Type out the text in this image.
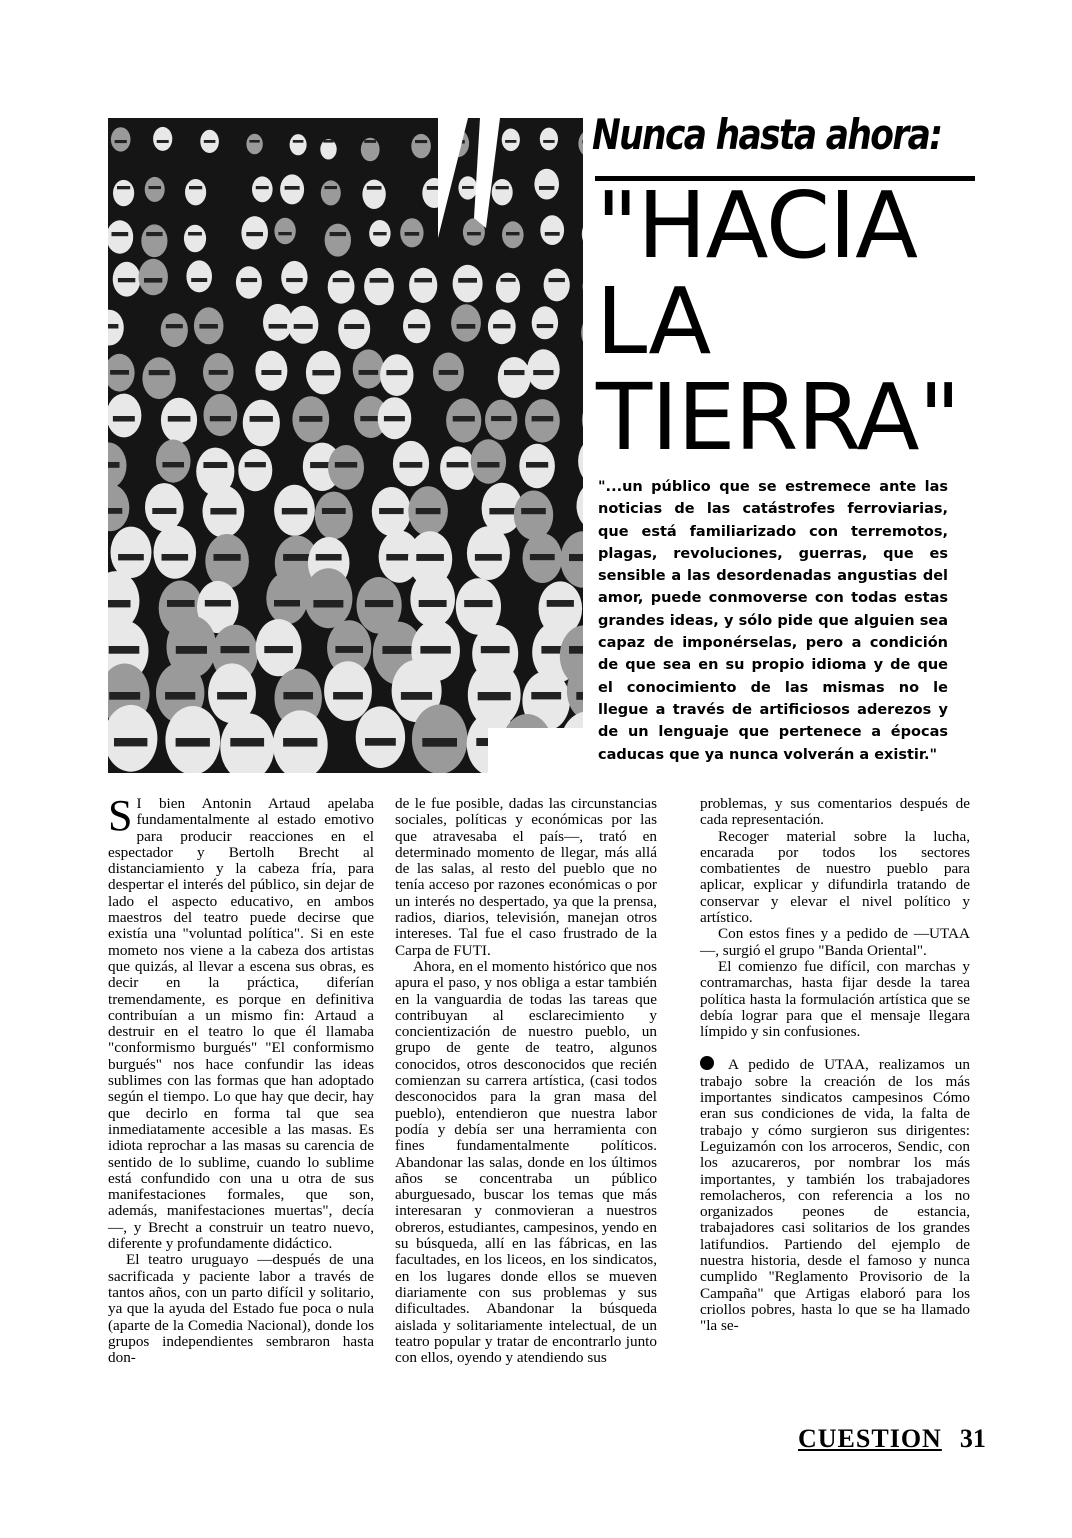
Nunca hasta ahora:
"HACIA
LA
TIERRA"
"...un público que se estremece ante las noticias de las catástrofes ferroviarias, que está familiarizado con terremotos, plagas, revoluciones, guerras, que es sensible a las desordenadas angustias del amor, puede conmoverse con todas estas grandes ideas, y sólo pide que alguien sea capaz de imponérselas, pero a condición de que sea en su propio idioma y de que el conocimiento de las mismas no le llegue a través de artificiosos aderezos y de un lenguaje que pertenece a épocas caducas que ya nunca volverán a existir."

S I bien Antonin Artaud apelaba fundamentalmente al estado emotivo para producir reacciones en el espectador y Bertolh Brecht al distanciamiento y la cabeza fría, para despertar el interés del público, sin dejar de lado el aspecto educativo, en ambos maestros del teatro puede decirse que existía una "voluntad política". Si en este mometo nos viene a la cabeza dos artistas que quizás, al llevar a escena sus obras, es decir en la práctica, diferían tremendamente, es porque en definitiva contribuían a un mismo fin: Artaud a destruir en el teatro lo que él llamaba "conformismo burgués" "El conformismo burgués" nos hace confundir las ideas sublimes con las formas que han adoptado según el tiempo. Lo que hay que decir, hay que decirlo en forma tal que sea inmediatamente accesible a las masas. Es idiota reprochar a las masas su carencia de sentido de lo sublime, cuando lo sublime está confundido con una u otra de sus manifestaciones formales, que son, además, manifestaciones muertas", decía—, y Brecht a construir un teatro nuevo, diferente y profundamente didáctico.

El teatro uruguayo —después de una sacrificada y paciente labor a través de tantos años, con un parto difícil y solitario, ya que la ayuda del Estado fue poca o nula (aparte de la Comedia Nacional), donde los grupos independientes sembraron hasta don-

de le fue posible, dadas las circunstancias sociales, políticas y económicas por las que atravesaba el país—, trató en determinado momento de llegar, más allá de las salas, al resto del pueblo que no tenía acceso por razones económicas o por un interés no despertado, ya que la prensa, radios, diarios, televisión, manejan otros intereses. Tal fue el caso frustrado de la Carpa de FUTI.

Ahora, en el momento histórico que nos apura el paso, y nos obliga a estar también en la vanguardia de todas las tareas que contribuyan al esclarecimiento y concientización de nuestro pueblo, un grupo de gente de teatro, algunos conocidos, otros desconocidos que recién comienzan su carrera artística, (casi todos desconocidos para la gran masa del pueblo), entendieron que nuestra labor podía y debía ser una herramienta con fines fundamentalmente políticos. Abandonar las salas, donde en los últimos años se concentraba un público aburguesado, buscar los temas que más interesaran y conmovieran a nuestros obreros, estudiantes, campesinos, yendo en su búsqueda, allí en las fábricas, en las facultades, en los liceos, en los sindicatos, en los lugares donde ellos se mueven diariamente con sus problemas y sus dificultades. Abandonar la búsqueda aislada y solitariamente intelectual, de un teatro popular y tratar de encontrarlo junto con ellos, oyendo y atendiendo sus

problemas, y sus comentarios después de cada representación.

Recoger material sobre la lucha, encarada por todos los sectores combatientes de nuestro pueblo para aplicar, explicar y difundirla tratando de conservar y elevar el nivel político y artístico.

Con estos fines y a pedido de —UTAA—, surgió el grupo "Banda Oriental".

El comienzo fue difícil, con marchas y contramarchas, hasta fijar desde la tarea política hasta la formulación artística que se debía lograr para que el mensaje llegara límpido y sin confusiones.

A pedido de UTAA, realizamos un trabajo sobre la creación de los más importantes sindicatos campesinos Cómo eran sus condiciones de vida, la falta de trabajo y cómo surgieron sus dirigentes: Leguizamón con los arroceros, Sendic, con los azucareros, por nombrar los más importantes, y también los trabajadores remolacheros, con referencia a los no organizados peones de estancia, trabajadores casi solitarios de los grandes latifundios. Partiendo del ejemplo de nuestra historia, desde el famoso y nunca cumplido "Reglamento Provisorio de la Campaña" que Artigas elaboró para los criollos pobres, hasta lo que se ha llamado "la se-

CUESTION 31
